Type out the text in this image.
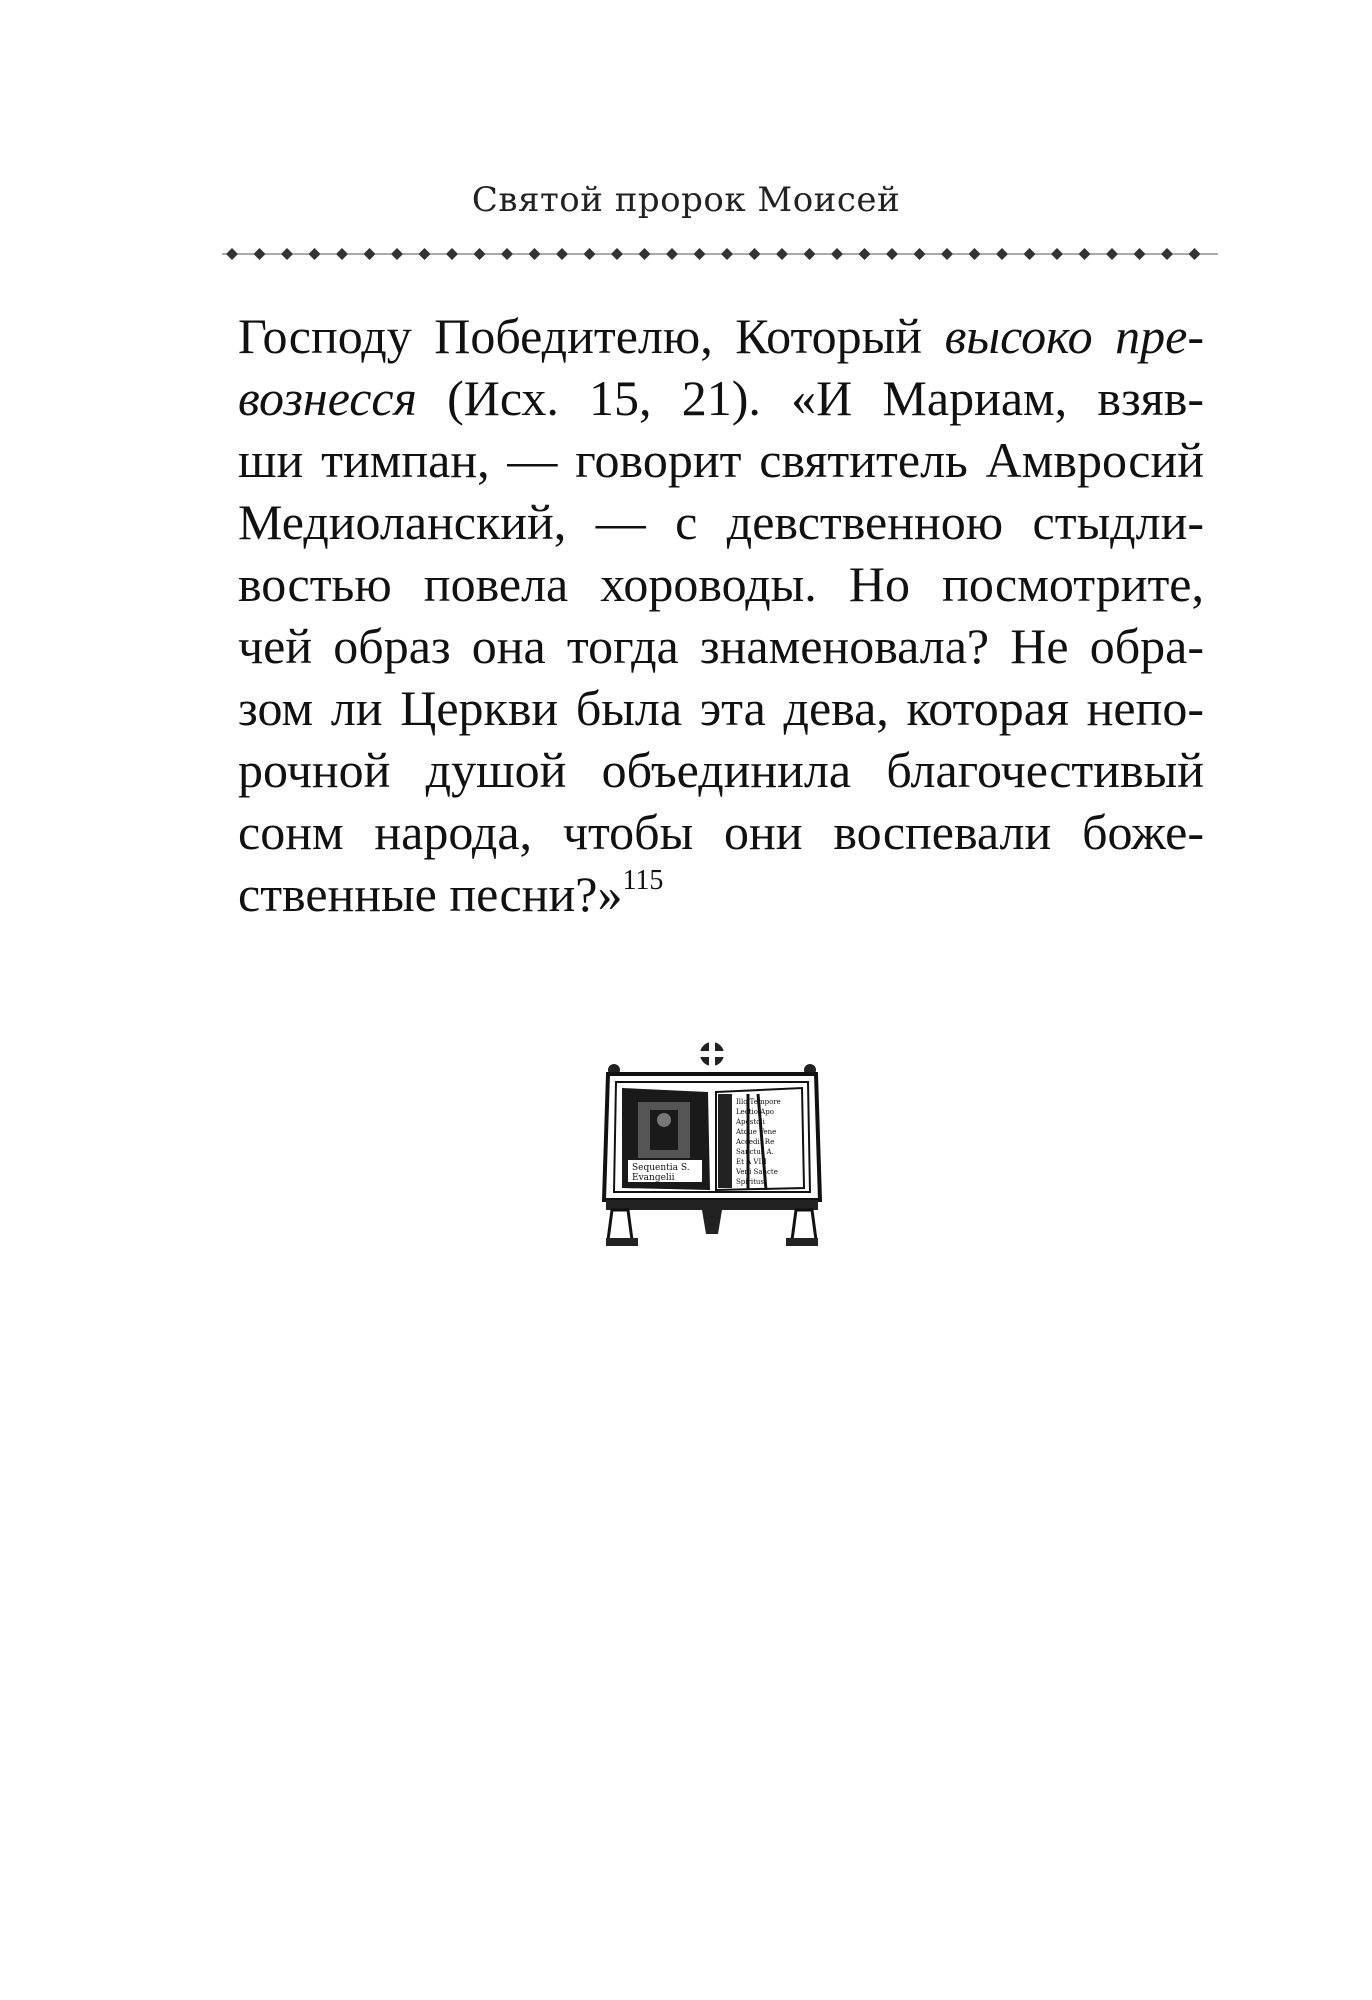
Святой пророк Моисей
Господу Победителю, Который высоко пре-
вознесся (Исх. 15, 21). «И Мариам, взяв-
ши тимпан, — говорит святитель Амвросий
Медиоланский, — с девственною стыдли-
востью повела хороводы. Но посмотрите,
чей образ она тогда знаменовала? Не обра-
зом ли Церкви была эта дева, которая непо-
рочной душой объединила благочестивый
сонм народа, чтобы они воспевали боже-
ственные песни?»$^{115}$
Sequentia S.
Evangelii
Illo Tempore
Lectio Apo
Apostoli
Atque Vene
Accedit Re
Sanctus A.
Et A VIII
Veni Sancte
Spiritus
